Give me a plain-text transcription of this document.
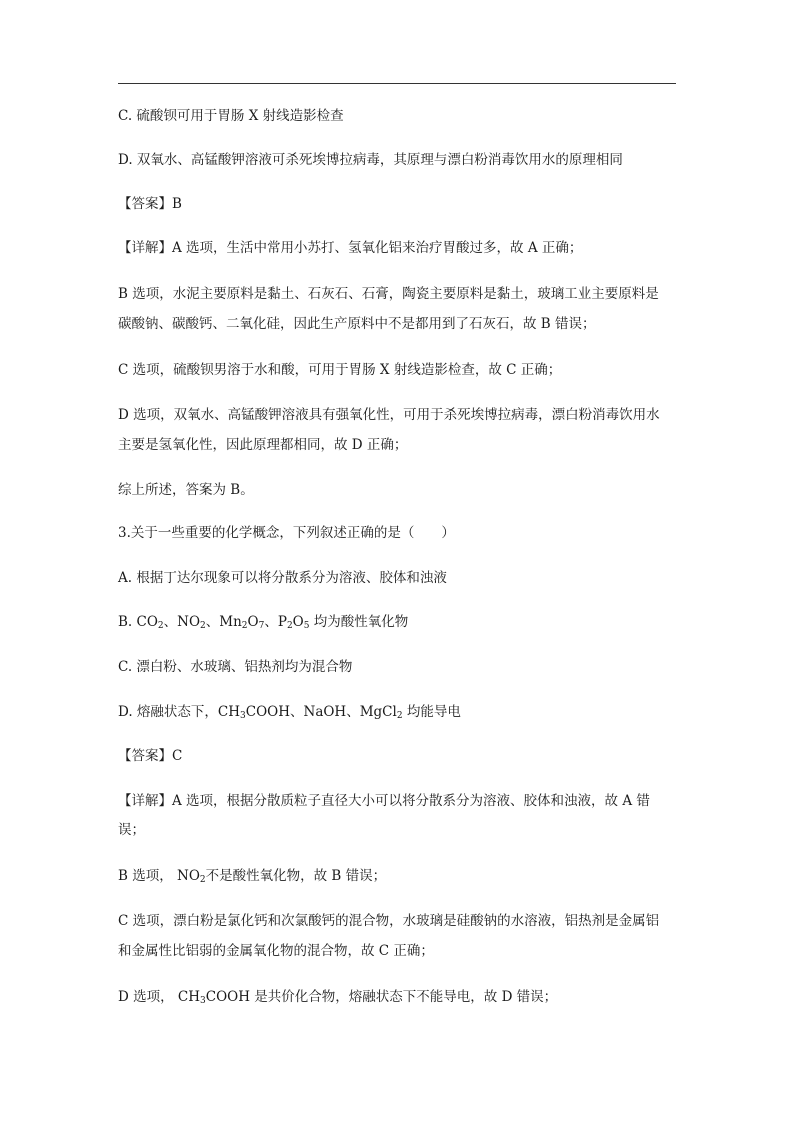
C. 硫酸钡可用于胃肠 X 射线造影检查
D. 双氧水、高锰酸钾溶液可杀死埃博拉病毒，其原理与漂白粉消毒饮用水的原理相同
【答案】B
【详解】A 选项，生活中常用小苏打、氢氧化铝来治疗胃酸过多，故 A 正确；
B 选项，水泥主要原料是黏土、石灰石、石膏，陶瓷主要原料是黏土，玻璃工业主要原料是
碳酸钠、碳酸钙、二氧化硅，因此生产原料中不是都用到了石灰石，故 B 错误；
C 选项，硫酸钡男溶于水和酸，可用于胃肠 X 射线造影检查，故 C 正确；
D 选项，双氧水、高锰酸钾溶液具有强氧化性，可用于杀死埃博拉病毒，漂白粉消毒饮用水
主要是氢氧化性，因此原理都相同，故 D 正确；
综上所述，答案为 B。
3.关于一些重要的化学概念，下列叙述正确的是（　　）
A. 根据丁达尔现象可以将分散系分为溶液、胶体和浊液
B. $CO_2$、$NO_2$、$Mn_2O_7$、$P_2O_5$ 均为酸性氧化物
C. 漂白粉、水玻璃、铝热剂均为混合物
D. 熔融状态下，$CH_3COOH$、NaOH、MgCl$_2$ 均能导电
【答案】C
【详解】A 选项，根据分散质粒子直径大小可以将分散系分为溶液、胶体和浊液，故 A 错
误；
B 选项， $NO_2$不是酸性氧化物，故 B 错误；
C 选项，漂白粉是氯化钙和次氯酸钙的混合物，水玻璃是硅酸钠的水溶液，铝热剂是金属铝
和金属性比铝弱的金属氧化物的混合物，故 C 正确；
D 选项， $CH_3COOH$ 是共价化合物，熔融状态下不能导电，故 D 错误；
